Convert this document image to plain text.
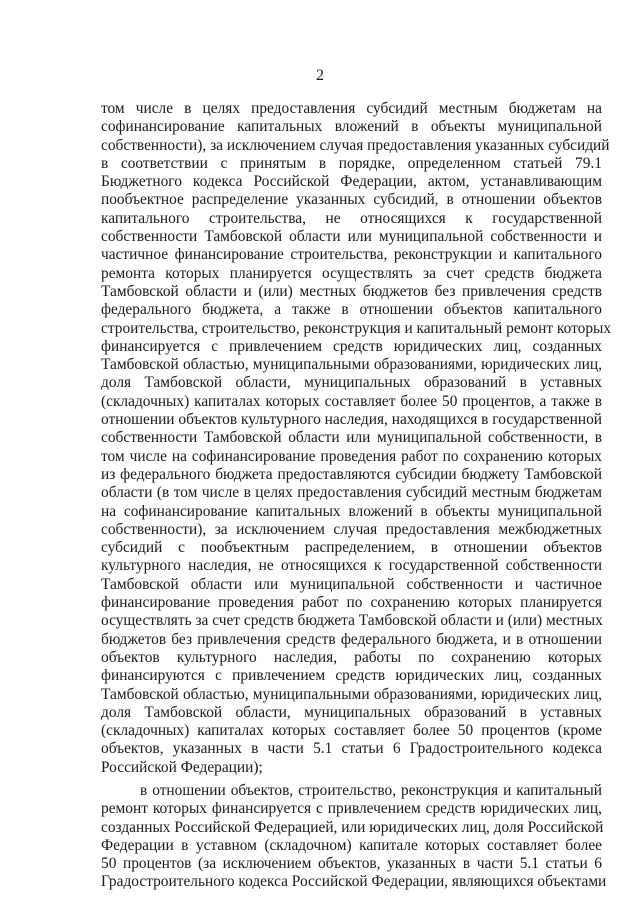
2
том числе в целях предоставления субсидий местным бюджетам на
софинансирование капитальных вложений в объекты муниципальной
собственности), за исключением случая предоставления указанных субсидий
в соответствии с принятым в порядке, определенном статьей 79.1
Бюджетного кодекса Российской Федерации, актом, устанавливающим
пообъектное распределение указанных субсидий, в отношении объектов
капитального строительства, не относящихся к государственной
собственности Тамбовской области или муниципальной собственности и
частичное финансирование строительства, реконструкции и капитального
ремонта которых планируется осуществлять за счет средств бюджета
Тамбовской области и (или) местных бюджетов без привлечения средств
федерального бюджета, а также в отношении объектов капитального
строительства, строительство, реконструкция и капитальный ремонт которых
финансируется с привлечением средств юридических лиц, созданных
Тамбовской областью, муниципальными образованиями, юридических лиц,
доля Тамбовской области, муниципальных образований в уставных
(складочных) капиталах которых составляет более 50 процентов, а также в
отношении объектов культурного наследия, находящихся в государственной
собственности Тамбовской области или муниципальной собственности, в
том числе на софинансирование проведения работ по сохранению которых
из федерального бюджета предоставляются субсидии бюджету Тамбовской
области (в том числе в целях предоставления субсидий местным бюджетам
на софинансирование капитальных вложений в объекты муниципальной
собственности), за исключением случая предоставления межбюджетных
субсидий с пообъектным распределением, в отношении объектов
культурного наследия, не относящихся к государственной собственности
Тамбовской области или муниципальной собственности и частичное
финансирование проведения работ по сохранению которых планируется
осуществлять за счет средств бюджета Тамбовской области и (или) местных
бюджетов без привлечения средств федерального бюджета, и в отношении
объектов культурного наследия, работы по сохранению которых
финансируются с привлечением средств юридических лиц, созданных
Тамбовской областью, муниципальными образованиями, юридических лиц,
доля Тамбовской области, муниципальных образований в уставных
(складочных) капиталах которых составляет более 50 процентов (кроме
объектов, указанных в части 5.1 статьи 6 Градостроительного кодекса
Российской Федерации);
в отношении объектов, строительство, реконструкция и капитальный
ремонт которых финансируется с привлечением средств юридических лиц,
созданных Российской Федерацией, или юридических лиц, доля Российской
Федерации в уставном (складочном) капитале которых составляет более
50 процентов (за исключением объектов, указанных в части 5.1 статьи 6
Градостроительного кодекса Российской Федерации, являющихся объектами
